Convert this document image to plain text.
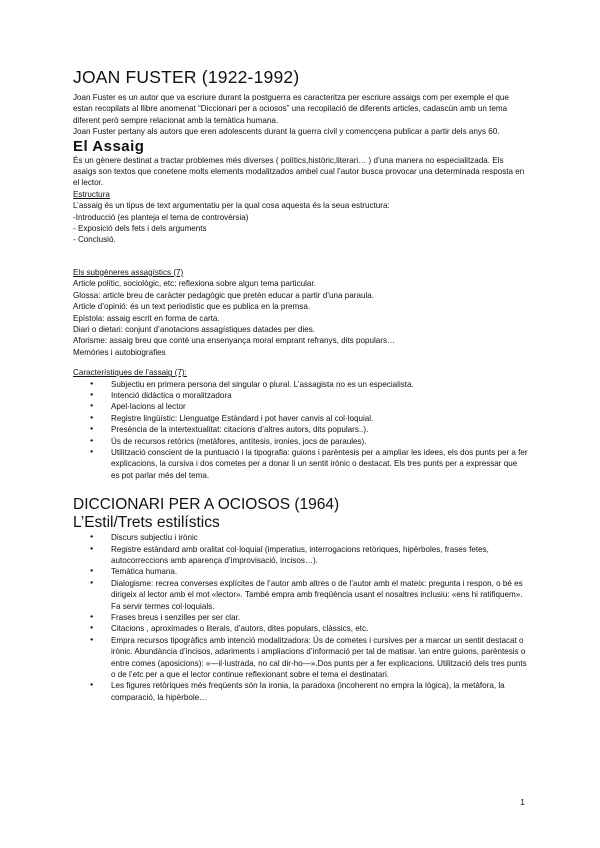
JOAN FUSTER (1922-1992)

Joan Fuster es un autor que va escriure durant la postguerra es caracteritza per escriure assaigs com per exemple el que estan recopilats al llibre anomenat “Diccionari per a ociosos” una recopilació de diferents articles, cadascún amb un tema diferent però sempre relacionat amb la temàtica humana.

Joan Fuster pertany als autors que eren adolescents durant la guerra civil y comencçena publicar a partir dels anys 60.

El Assaig

És un gènere destinat a tractar problemes més diverses ( polítics,històric,literari… ) d’una manera no especialitzada. Els asaigs son textos que conetene molts elements modalitzados ambel cual l’autor busca provocar una determinada resposta en el lector.

Estructura

L’assaig és un tipus de text argumentatiu per la qual cosa aquesta és la seua estructura:

-Introducció (es planteja el tema de controvèrsia)

- Exposició dels fets i dels arguments

- Conclusió.

Els subgèneres assagístics (7)

Article polític, sociològic, etc: reflexiona sobre algun tema particular.

Glossa: article breu de caràcter pedagògic que pretén educar a partir d’una paraula.

Article d’opinió: és un text periodístic que es publica en la premsa.

Epístola: assaig escrit en forma de carta.

Diari o dietari: conjunt d’anotacions assagístiques datades per dies.

Aforisme: assaig breu que conté una ensenyança moral emprant refranys, dits populars…

Memòries i autobiografies

Característiques de l’assaig (7):

● Subjectiu en primera persona del singular o plural. L’assagista no es un especialista.
● Intenció didàctica o moralitzadora
● Apel·lacions al lector
● Registre lingüístic: Llenguatge Estàndard i pot haver canvis al col·loquial.
● Presència de la intertextualitat: citacions d’altres autors, dits populars..).
● Ús de recursos retòrics (metàfores, antítesis, ironies, jocs de paraules).
● Utilització conscient de la puntuació i la tipografia: guions i parèntesis per a ampliar les idees, els dos punts per a fer explicacions, la cursiva i dos cometes per a donar li un sentit irònic o destacat. Els tres punts per a expressar que es pot parlar més del tema.
DICCIONARI PER A OCIOSOS (1964)
L’Estil/Trets estilístics
● Discurs subjectiu i irònic
● Registre estàndard amb oralitat col·loquial (imperatius, interrogacions retòriques, hipèrboles, frases fetes, autocorreccions amb aparença d’improvisació, incisos…).
● Temàtica humana.
● Dialogisme: recrea converses explícites de l’autor amb altres o de l’autor amb el mateix: pregunta i respon, o bé es dirigeix al lector amb el mot «lector». També empra amb freqüència usant el nosaltres inclusiu: «ens hi ratifiquem». Fa servir termes col·loquials.
● Frases breus i senzilles per ser clar.
● Citacions , aproximades o literals, d’autors, dites populars, clàssics, etc.
● Empra recursos tipogràfics amb intenció modalitzadora: Ús de cometes i cursives per a marcar un sentit destacat o irònic. Abundància d’incisos, adariments i ampliacions d’informació per tal de matisar. \an entre guions, parèntesis o entre comes (aposicions): «—il·lustrada, no cal dir-ho—».Dos punts per a fer explicacions. Utilització dels tres punts o de l’etc per a que el lector continue reflexionant sobre el tema el destinatari.
● Les figures retòriques més freqüents són la ironia, la paradoxa (incoherent no empra la lògica), la metàfora, la comparació, la hipèrbole…
1
